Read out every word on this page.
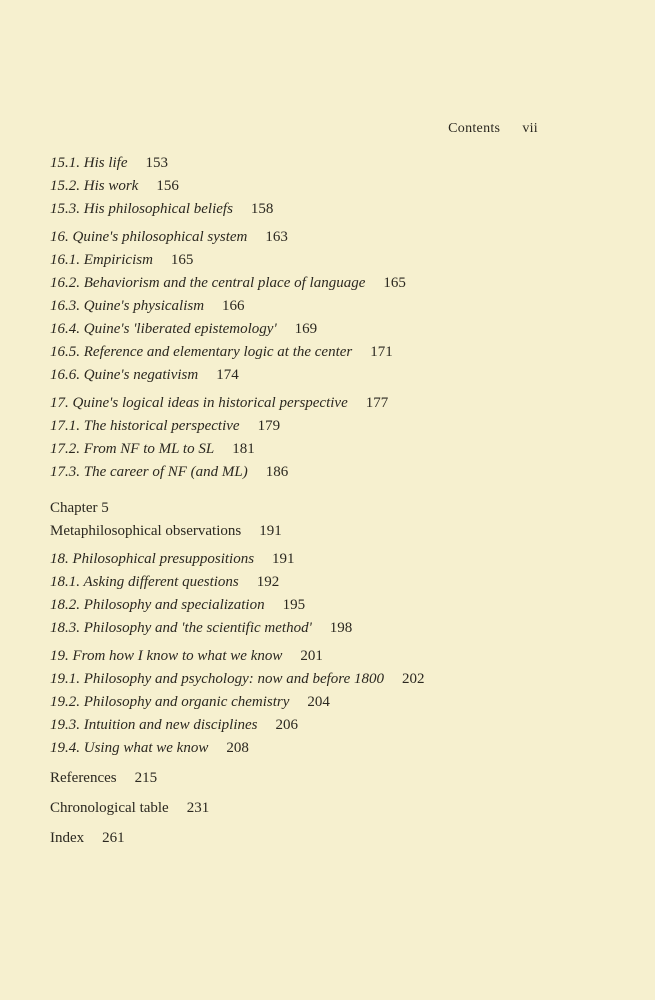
Contents vii
15.1. His life 153
15.2. His work 156
15.3. His philosophical beliefs 158
16. Quine's philosophical system 163
16.1. Empiricism 165
16.2. Behaviorism and the central place of language 165
16.3. Quine's physicalism 166
16.4. Quine's 'liberated epistemology' 169
16.5. Reference and elementary logic at the center 171
16.6. Quine's negativism 174
17. Quine's logical ideas in historical perspective 177
17.1. The historical perspective 179
17.2. From NF to ML to SL 181
17.3. The career of NF (and ML) 186
Chapter 5
Metaphilosophical observations 191
18. Philosophical presuppositions 191
18.1. Asking different questions 192
18.2. Philosophy and specialization 195
18.3. Philosophy and 'the scientific method' 198
19. From how I know to what we know 201
19.1. Philosophy and psychology: now and before 1800 202
19.2. Philosophy and organic chemistry 204
19.3. Intuition and new disciplines 206
19.4. Using what we know 208
References 215
Chronological table 231
Index 261
